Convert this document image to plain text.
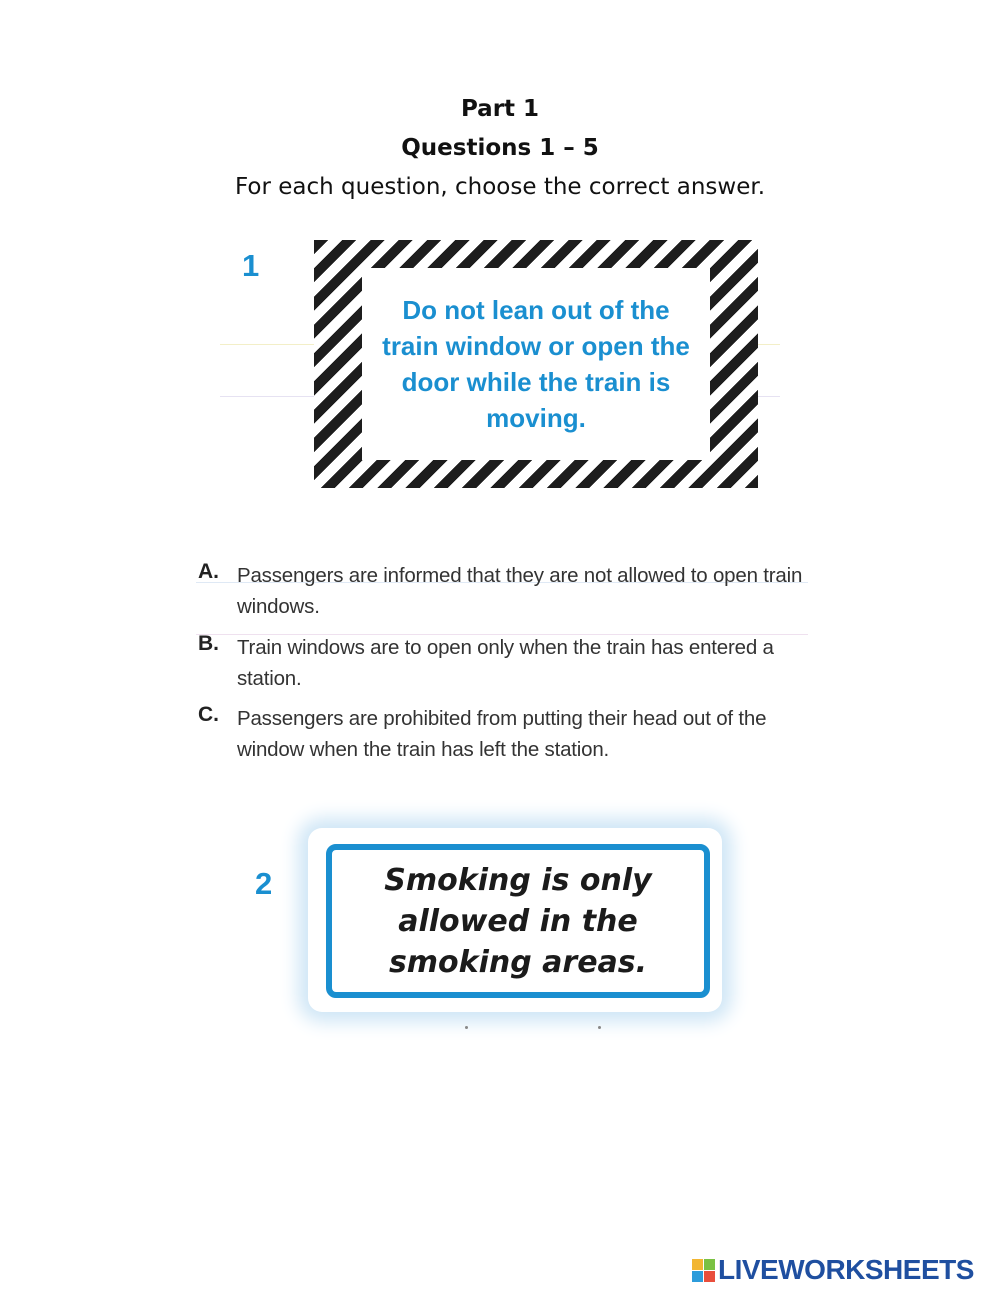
Part 1
Questions 1 – 5
For each question, choose the correct answer.
1

Do not lean out of the train window or open the door while the train is moving.

A. Passengers are informed that they are not allowed to open train windows.
B. Train windows are to open only when the train has entered a station.
C. Passengers are prohibited from putting their head out of the window when the train has left the station.
2	Smoking is only allowed in the smoking areas.

LIVEWORKSHEETS
